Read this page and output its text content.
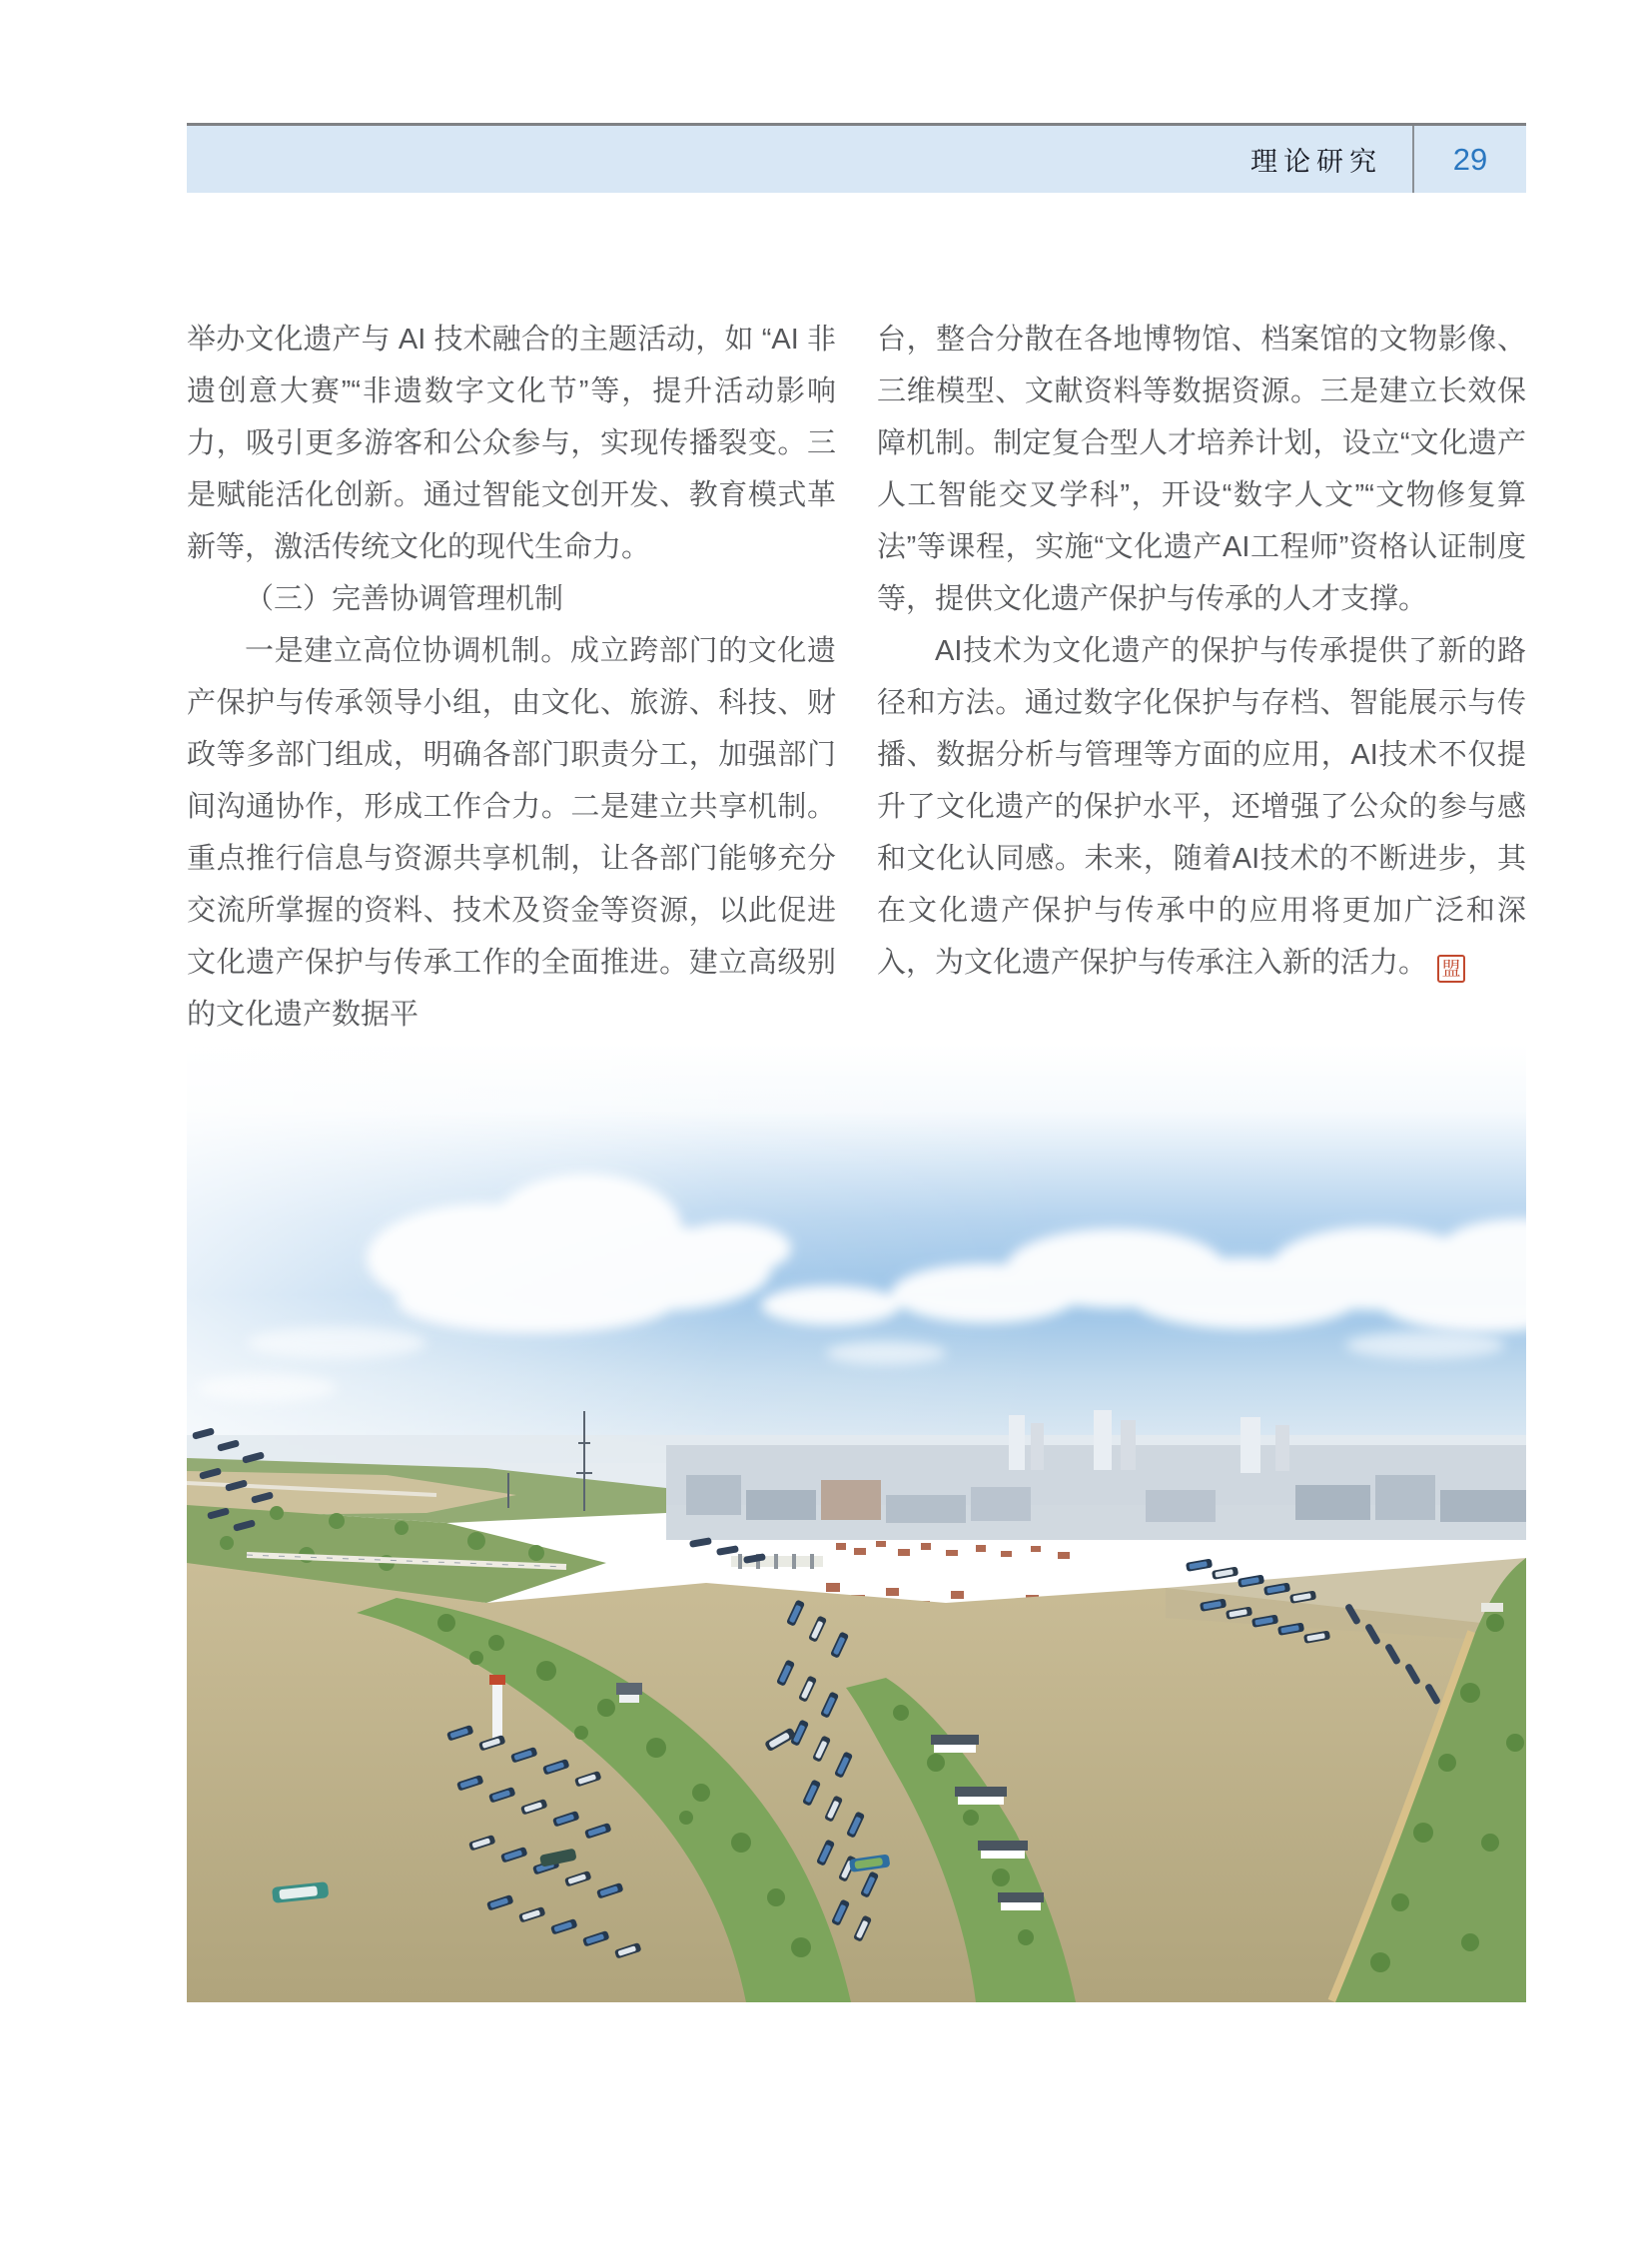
理论研究	29

举办文化遗产与 AI 技术融合的主题活动，如 “AI 非遗创意大赛”“非遗数字文化节”等，提升活动影响力，吸引更多游客和公众参与，实现传播裂变。三是赋能活化创新。通过智能文创开发、教育模式革新等，激活传统文化的现代生命力。

（三）完善协调管理机制

一是建立高位协调机制。成立跨部门的文化遗产保护与传承领导小组，由文化、旅游、科技、财政等多部门组成，明确各部门职责分工，加强部门间沟通协作，形成工作合力。二是建立共享机制。重点推行信息与资源共享机制，让各部门能够充分交流所掌握的资料、技术及资金等资源，以此促进文化遗产保护与传承工作的全面推进。建立高级别的文化遗产数据平

台，整合分散在各地博物馆、档案馆的文物影像、三维模型、文献资料等数据资源。三是建立长效保障机制。制定复合型人才培养计划，设立“文化遗产人工智能交叉学科”，开设“数字人文”“文物修复算法”等课程，实施“文化遗产AI工程师”资格认证制度等，提供文化遗产保护与传承的人才支撑。

AI技术为文化遗产的保护与传承提供了新的路径和方法。通过数字化保护与存档、智能展示与传播、数据分析与管理等方面的应用，AI技术不仅提升了文化遗产的保护水平，还增强了公众的参与感和文化认同感。未来，随着AI技术的不断进步，其在文化遗产保护与传承中的应用将更加广泛和深入，为文化遗产保护与传承注入新的活力。 盟
